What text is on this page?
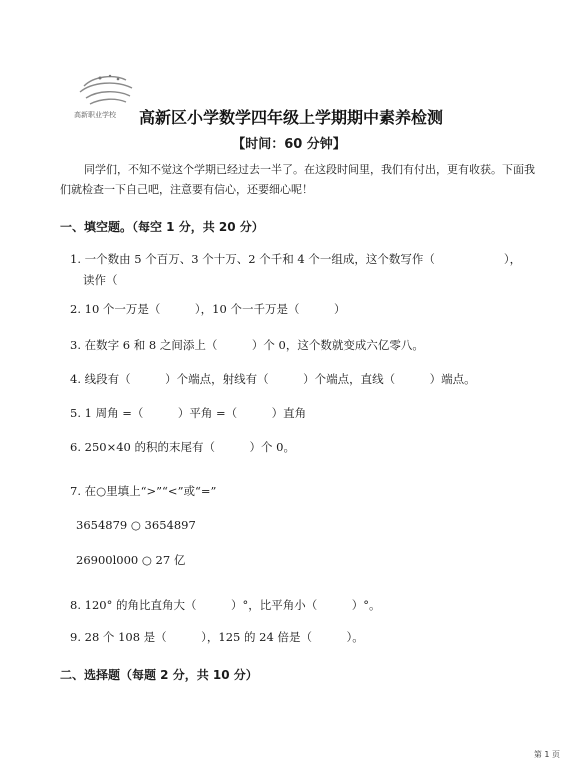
高新职业学校 高新区小学数学四年级上学期期中素养检测
【时间：60 分钟】
同学们，不知不觉这个学期已经过去一半了。在这段时间里，我们有付出，更有收获。下面我们就检查一下自己吧，注意要有信心，还要细心呢！
一、填空题。（每空 1 分，共 20 分）
1. 一个数由 5 个百万、3 个十万、2 个千和 4 个一组成，这个数写作（　　　　　　），
读作（
2. 10 个一万是（　　　），10 个一千万是（　　　）
3. 在数字 6 和 8 之间添上（　　　）个 0，这个数就变成六亿零八。
4. 线段有（　　　）个端点，射线有（　　　）个端点，直线（　　　）端点。
5. 1 周角 =（　　　）平角 =（　　　）直角
6. 250×40 的积的末尾有（　　　）个 0。
7. 在○里填上“>”“<”或“=”
3654879 ○ 3654897
26900l000 ○ 27 亿
8. 120° 的角比直角大（　　　）°，比平角小（　　　）°。
9. 28 个 108 是（　　　），125 的 24 倍是（　　　）。
二、选择题（每题 2 分，共 10 分）
第 1 页
